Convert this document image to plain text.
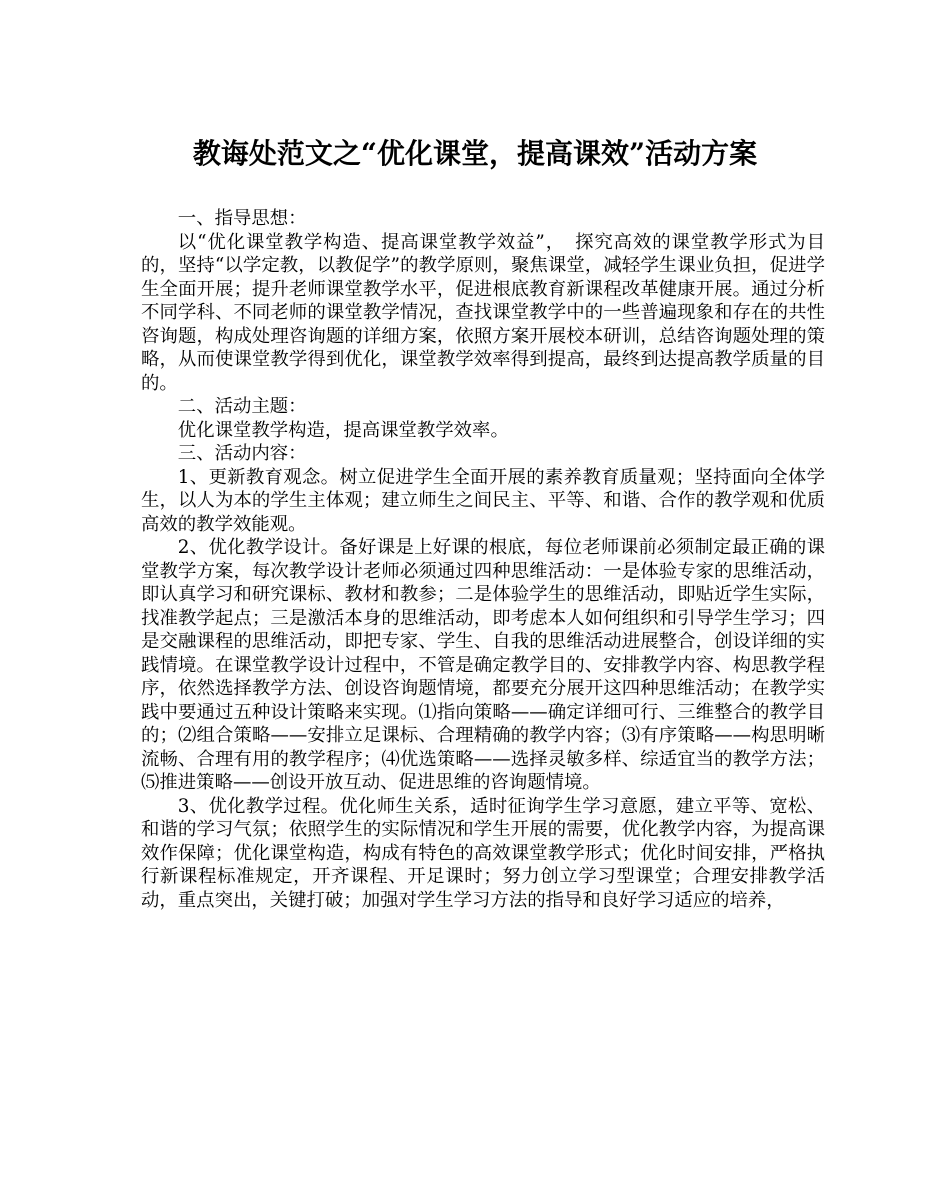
教诲处范文之“优化课堂，提高课效”活动方案

一、指导思想：

以“优化课堂教学构造、提高课堂教学效益”，　探究高效的课堂教学形式为目的，坚持“以学定教，以教促学”的教学原则，聚焦课堂，减轻学生课业负担，促进学生全面开展；提升老师课堂教学水平，促进根底教育新课程改革健康开展。通过分析不同学科、不同老师的课堂教学情况，查找课堂教学中的一些普遍现象和存在的共性咨询题，构成处理咨询题的详细方案，依照方案开展校本研训，总结咨询题处理的策略，从而使课堂教学得到优化，课堂教学效率得到提高，最终到达提高教学质量的目的。

二、活动主题：

优化课堂教学构造，提高课堂教学效率。

三、活动内容：

1、更新教育观念。树立促进学生全面开展的素养教育质量观；坚持面向全体学生，以人为本的学生主体观；建立师生之间民主、平等、和谐、合作的教学观和优质高效的教学效能观。

2、优化教学设计。备好课是上好课的根底，每位老师课前必须制定最正确的课堂教学方案，每次教学设计老师必须通过四种思维活动：一是体验专家的思维活动，即认真学习和研究课标、教材和教参；二是体验学生的思维活动，即贴近学生实际，找准教学起点；三是激活本身的思维活动，即考虑本人如何组织和引导学生学习；四是交融课程的思维活动，即把专家、学生、自我的思维活动进展整合，创设详细的实践情境。在课堂教学设计过程中，不管是确定教学目的、安排教学内容、构思教学程序，依然选择教学方法、创设咨询题情境，都要充分展开这四种思维活动；在教学实践中要通过五种设计策略来实现。⑴指向策略——确定详细可行、三维整合的教学目的；⑵组合策略——安排立足课标、合理精确的教学内容；⑶有序策略——构思明晰流畅、合理有用的教学程序；⑷优选策略——选择灵敏多样、综适宜当的教学方法；⑸推进策略——创设开放互动、促进思维的咨询题情境。

3、优化教学过程。优化师生关系，适时征询学生学习意愿，建立平等、宽松、和谐的学习气氛；依照学生的实际情况和学生开展的需要，优化教学内容，为提高课效作保障；优化课堂构造，构成有特色的高效课堂教学形式；优化时间安排，严格执行新课程标准规定，开齐课程、开足课时；努力创立学习型课堂；合理安排教学活动，重点突出，关键打破；加强对学生学习方法的指导和良好学习适应的培养，
